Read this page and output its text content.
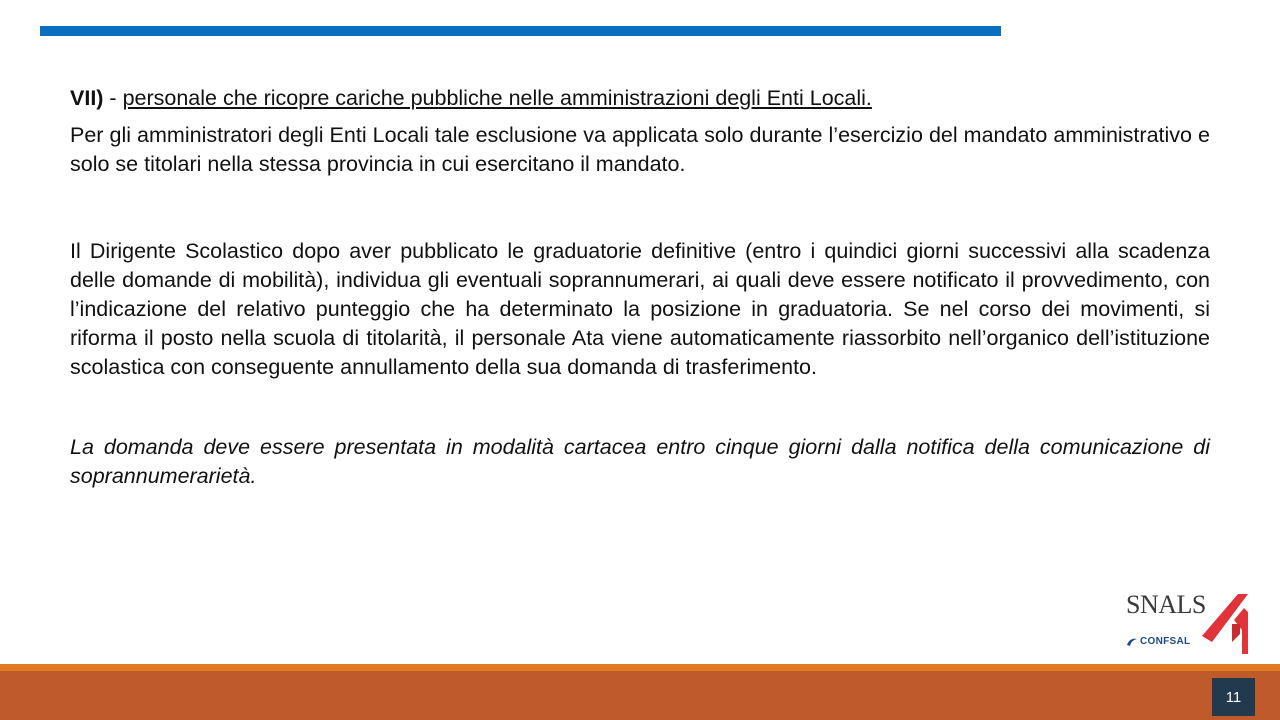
VII) - personale che ricopre cariche pubbliche nelle amministrazioni degli Enti Locali.

Per gli amministratori degli Enti Locali tale esclusione va applicata solo durante l’esercizio del mandato amministrativo e solo se titolari nella stessa provincia in cui esercitano il mandato.

Il Dirigente Scolastico dopo aver pubblicato le graduatorie definitive (entro i quindici giorni successivi alla scadenza delle domande di mobilità), individua gli eventuali soprannumerari, ai quali deve essere notificato il provvedimento, con l’indicazione del relativo punteggio che ha determinato la posizione in graduatoria. Se nel corso dei movimenti, si riforma il posto nella scuola di titolarità, il personale Ata viene automaticamente riassorbito nell’organico dell’istituzione scolastica con conseguente annullamento della sua domanda di trasferimento.

La domanda deve essere presentata in modalità cartacea entro cinque giorni dalla notifica della comunicazione di soprannumerarietà.

SNALS
CONFSAL
11
